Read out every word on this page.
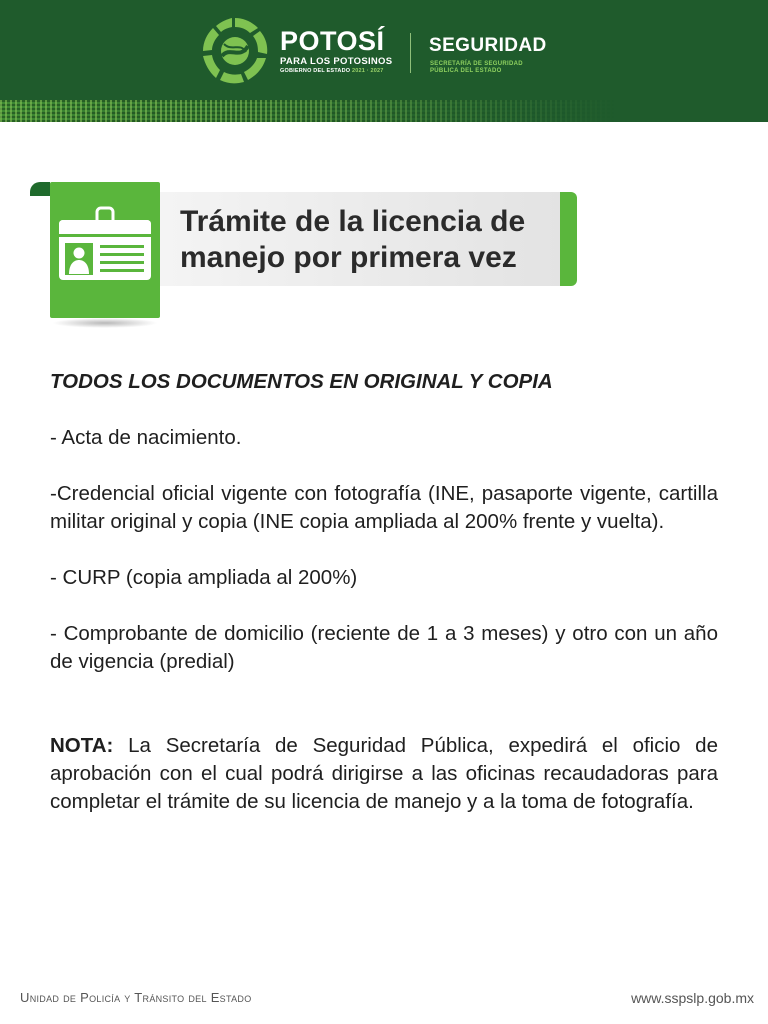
POTOSÍ
PARA LOS POTOSINOS
GOBIERNO DEL ESTADO 2021 · 2027
SEGURIDAD
SECRETARÍA DE SEGURIDAD PÚBLICA DEL ESTADO
Trámite de la licencia de manejo por primera vez

TODOS LOS DOCUMENTOS EN ORIGINAL Y COPIA

- Acta de nacimiento.

-Credencial oficial vigente con fotografía (INE, pasaporte vigente, cartilla militar original y copia (INE copia ampliada al 200% frente y vuelta).

- CURP (copia ampliada al 200%)

- Comprobante de domicilio (reciente de 1 a 3 meses) y otro con un año de vigencia (predial)

NOTA: La Secretaría de Seguridad Pública, expedirá el oficio de aprobación con el cual podrá dirigirse a las oficinas recaudadoras para completar el trámite de su licencia de manejo y a la toma de fotografía.

Unidad de Policía y Tránsito del Estado	www.sspslp.gob.mx
